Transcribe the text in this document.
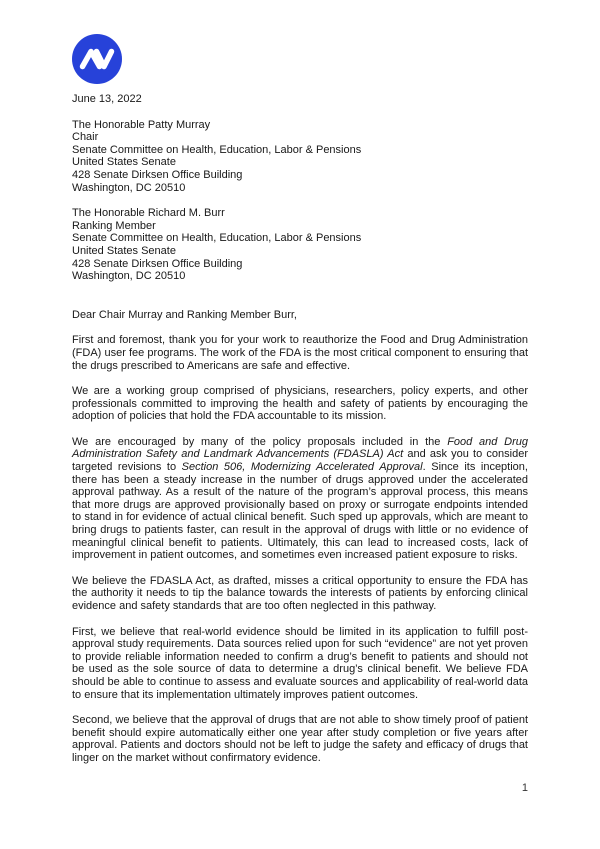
June 13, 2022
The Honorable Patty Murray
Chair
Senate Committee on Health, Education, Labor & Pensions
United States Senate
428 Senate Dirksen Office Building
Washington, DC 20510
The Honorable Richard M. Burr
Ranking Member
Senate Committee on Health, Education, Labor & Pensions
United States Senate
428 Senate Dirksen Office Building
Washington, DC 20510

Dear Chair Murray and Ranking Member Burr,

First and foremost, thank you for your work to reauthorize the Food and Drug Administration (FDA) user fee programs. The work of the FDA is the most critical component to ensuring that the drugs prescribed to Americans are safe and effective.

We are a working group comprised of physicians, researchers, policy experts, and other professionals committed to improving the health and safety of patients by encouraging the adoption of policies that hold the FDA accountable to its mission.

We are encouraged by many of the policy proposals included in the Food and Drug Administration Safety and Landmark Advancements (FDASLA) Act and ask you to consider targeted revisions to Section 506, Modernizing Accelerated Approval. Since its inception, there has been a steady increase in the number of drugs approved under the accelerated approval pathway. As a result of the nature of the program’s approval process, this means that more drugs are approved provisionally based on proxy or surrogate endpoints intended to stand in for evidence of actual clinical benefit. Such sped up approvals, which are meant to bring drugs to patients faster, can result in the approval of drugs with little or no evidence of meaningful clinical benefit to patients. Ultimately, this can lead to increased costs, lack of improvement in patient outcomes, and sometimes even increased patient exposure to risks.

We believe the FDASLA Act, as drafted, misses a critical opportunity to ensure the FDA has the authority it needs to tip the balance towards the interests of patients by enforcing clinical evidence and safety standards that are too often neglected in this pathway.

First, we believe that real-world evidence should be limited in its application to fulfill post-approval study requirements. Data sources relied upon for such “evidence” are not yet proven to provide reliable information needed to confirm a drug’s benefit to patients and should not be used as the sole source of data to determine a drug’s clinical benefit. We believe FDA should be able to continue to assess and evaluate sources and applicability of real-world data to ensure that its implementation ultimately improves patient outcomes.

Second, we believe that the approval of drugs that are not able to show timely proof of patient benefit should expire automatically either one year after study completion or five years after approval. Patients and doctors should not be left to judge the safety and efficacy of drugs that linger on the market without confirmatory evidence.

1
